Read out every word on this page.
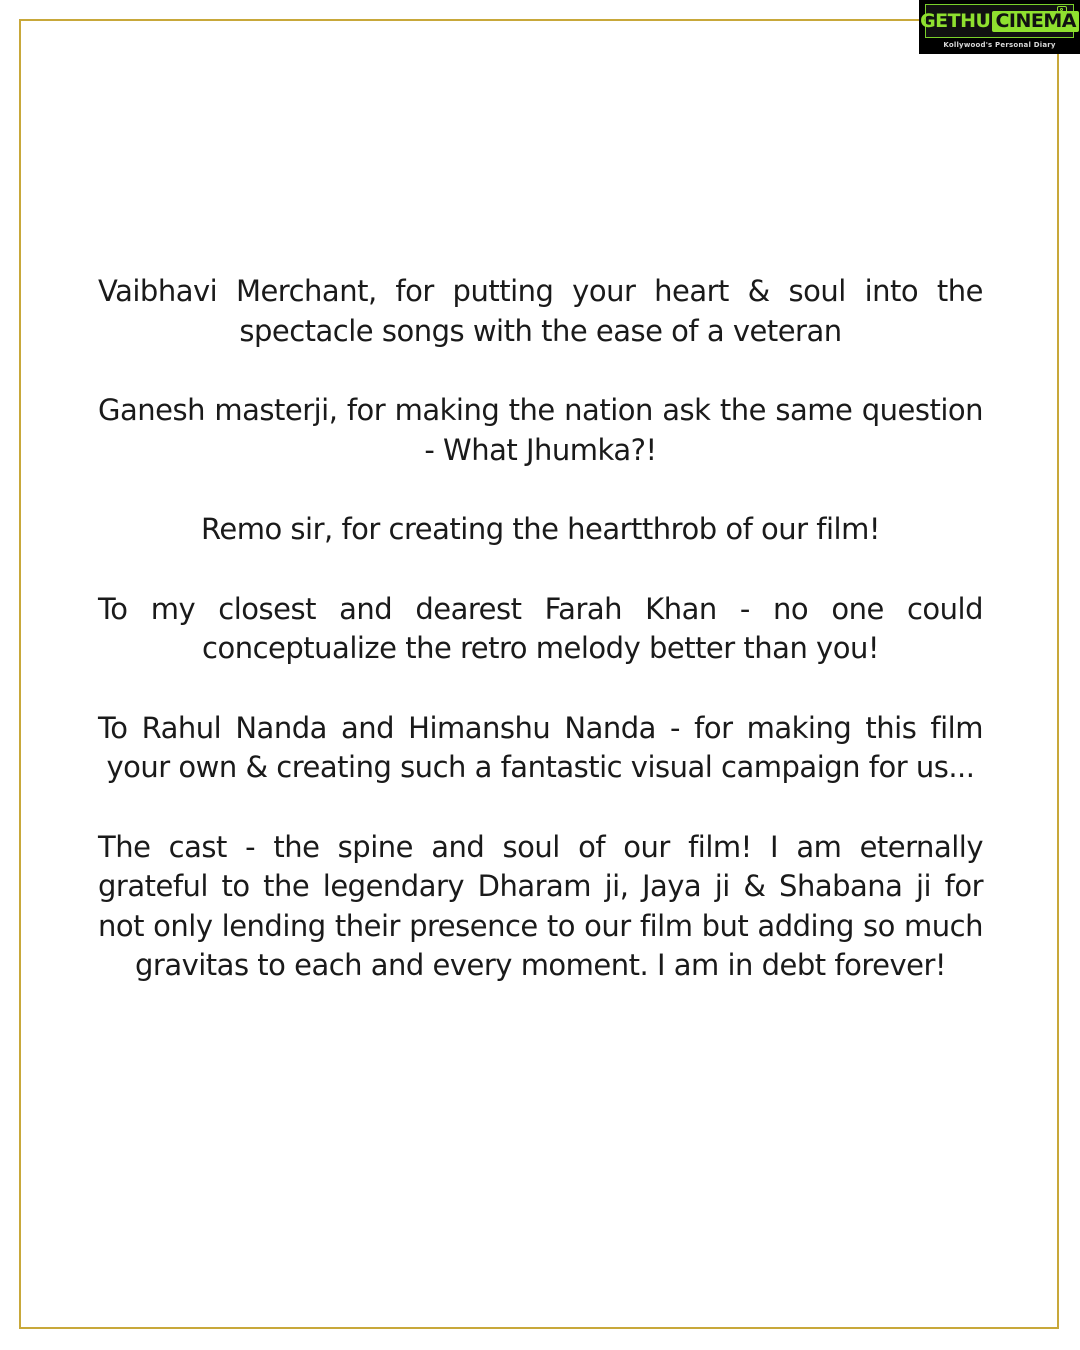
GETHU CINEMA
Kollywood's Personal Diary

Vaibhavi Merchant, for putting your heart & soul into the spectacle songs with the ease of a veteran

Ganesh masterji, for making the nation ask the same question - What Jhumka?!

Remo sir, for creating the heartthrob of our film!

To my closest and dearest Farah Khan - no one could conceptualize the retro melody better than you!

To Rahul Nanda and Himanshu Nanda - for making this film your own & creating such a fantastic visual campaign for us...

The cast - the spine and soul of our film! I am eternally grateful to the legendary Dharam ji, Jaya ji & Shabana ji for not only lending their presence to our film but adding so much gravitas to each and every moment. I am in debt forever!
